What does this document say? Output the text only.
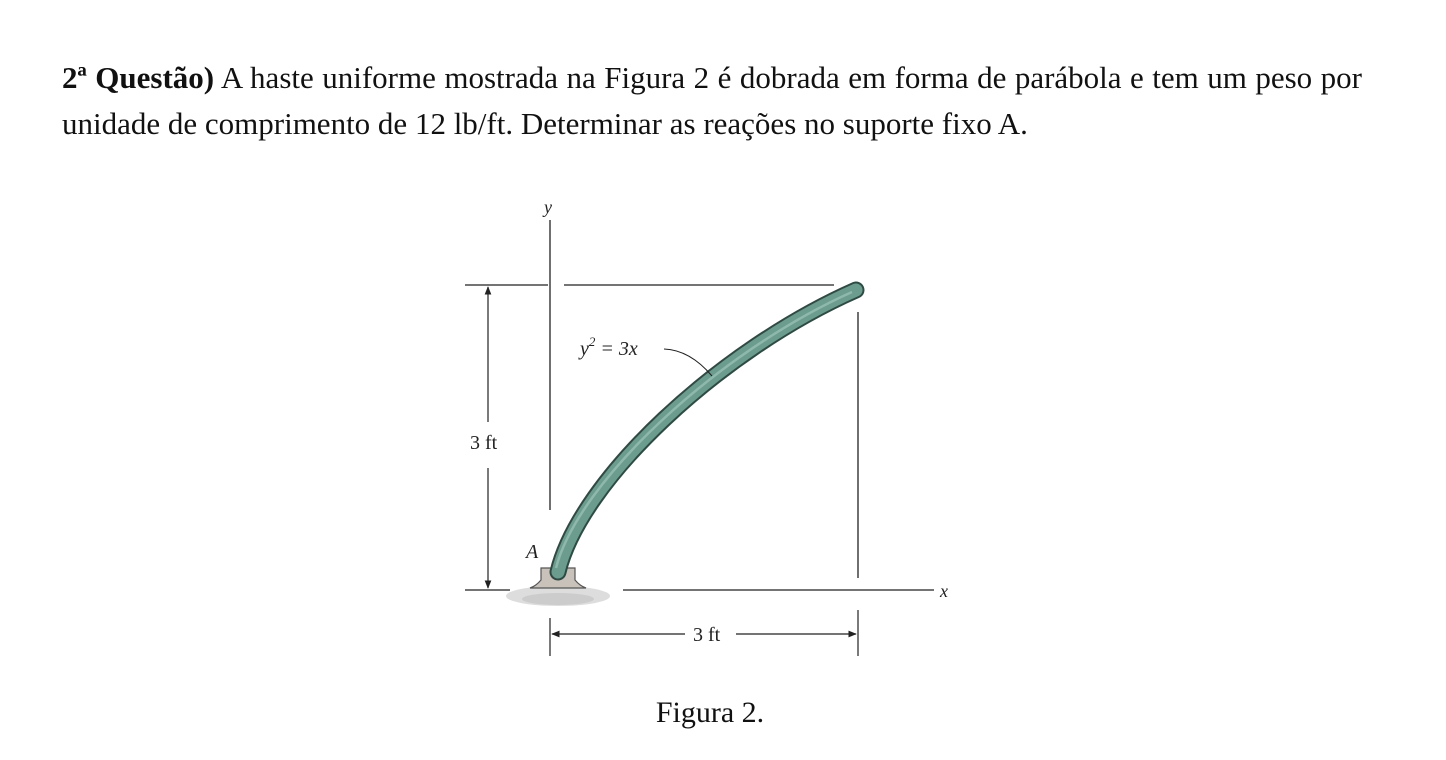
2ª Questão) A haste uniforme mostrada na Figura 2 é dobrada em forma de parábola e tem um peso por unidade de comprimento de 12 lb/ft. Determinar as reações no suporte fixo A.

y
x
3 ft
3 ft
$y^2 = 3x$
A
Figura 2.
